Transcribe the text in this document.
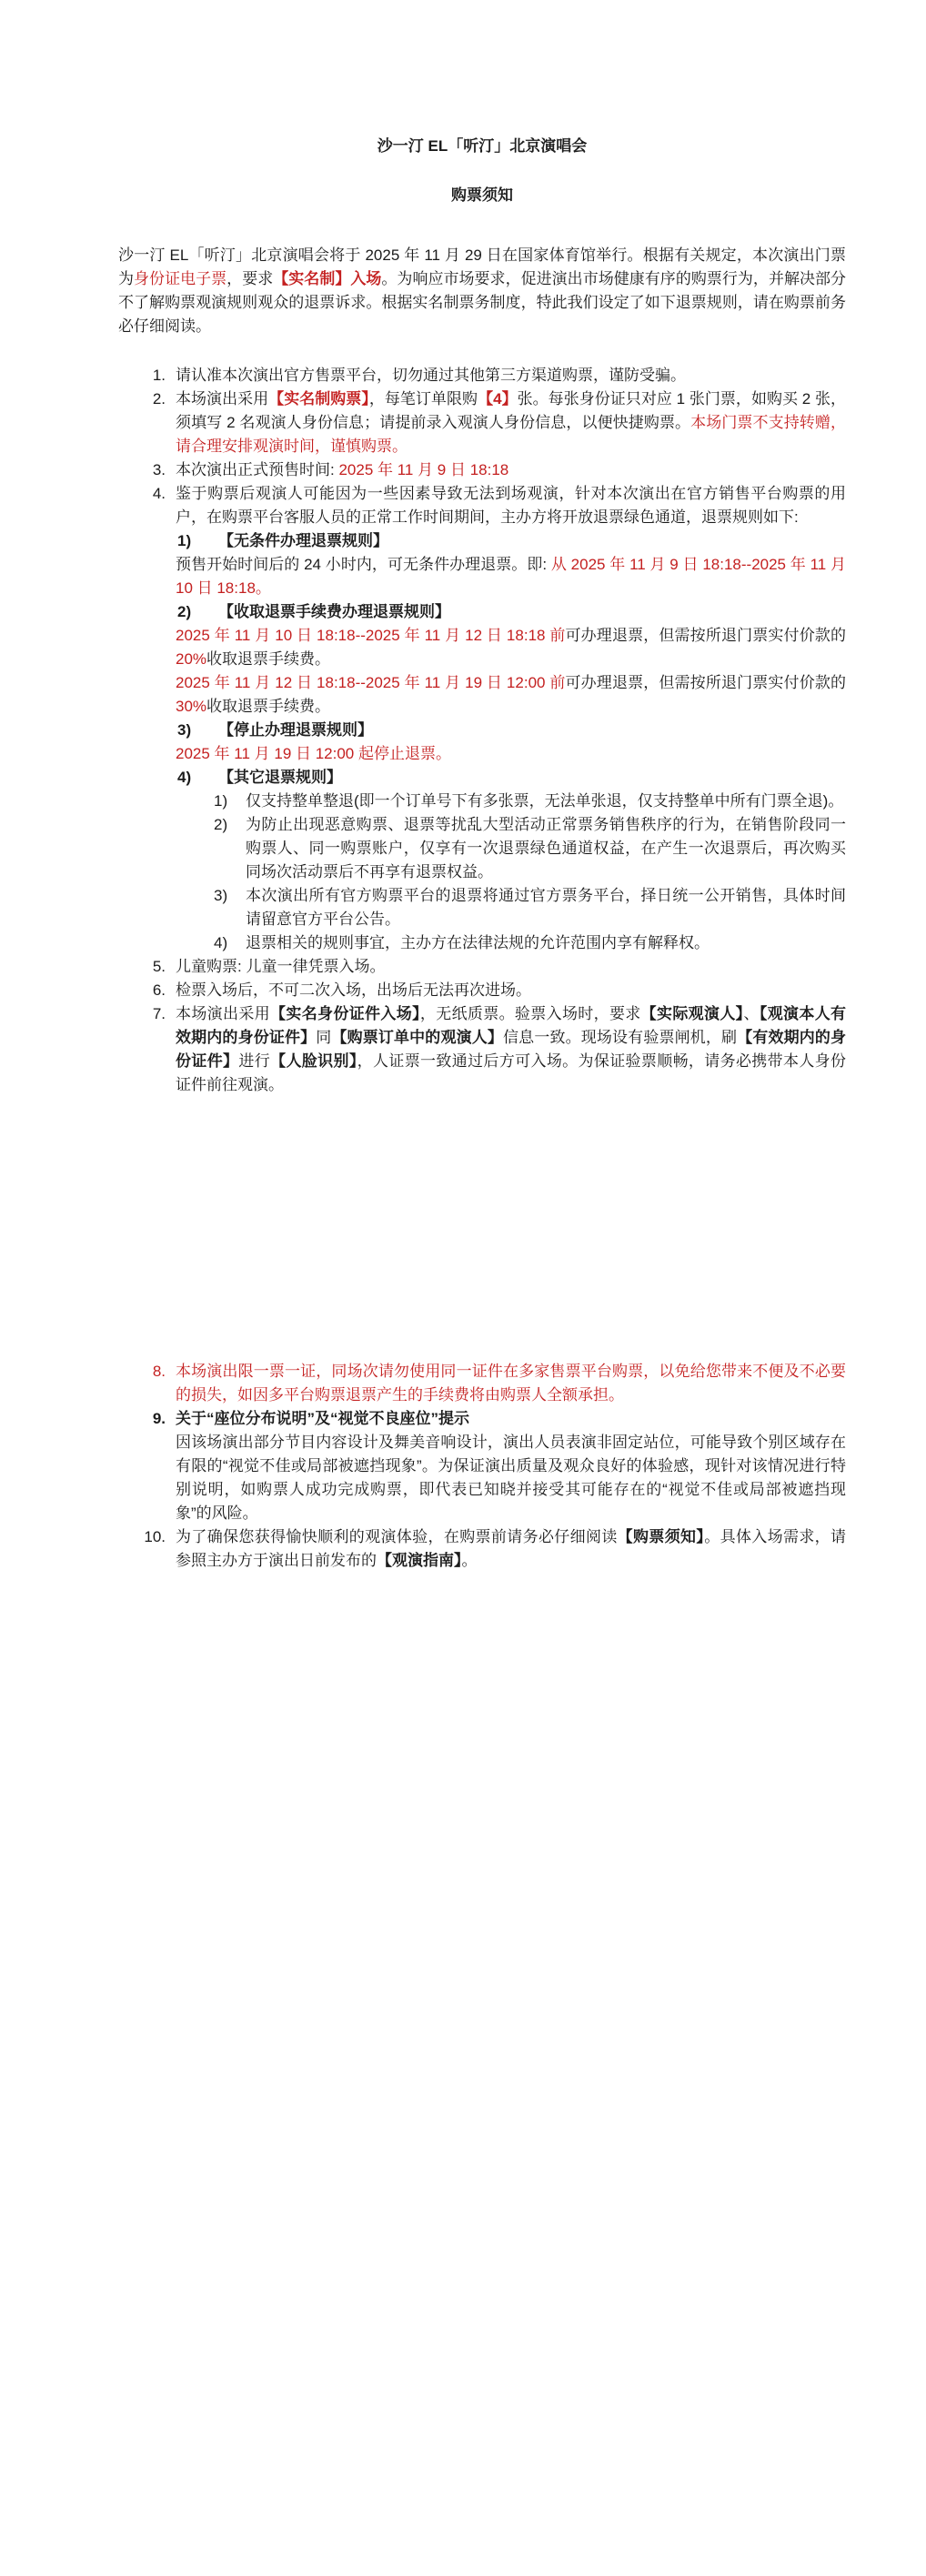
沙一汀 EL「听汀」北京演唱会
购票须知

沙一汀 EL「听汀」北京演唱会将于 2025 年 11 月 29 日在国家体育馆举行。根据有关规定，本次演出门票为身份证电子票，要求【实名制】入场。为响应市场要求，促进演出市场健康有序的购票行为，并解决部分不了解购票观演规则观众的退票诉求。根据实名制票务制度，特此我们设定了如下退票规则，请在购票前务必仔细阅读。

1. 请认准本次演出官方售票平台，切勿通过其他第三方渠道购票，谨防受骗。
2. 本场演出采用【实名制购票】，每笔订单限购【4】张。每张身份证只对应 1 张门票，如购买 2 张，须填写 2 名观演人身份信息；请提前录入观演人身份信息，以便快捷购票。本场门票不支持转赠，请合理安排观演时间，谨慎购票。
3. 本次演出正式预售时间: 2025 年 11 月 9 日 18:18
4. 鉴于购票后观演人可能因为一些因素导致无法到场观演，针对本次演出在官方销售平台购票的用户，在购票平台客服人员的正常工作时间期间，主办方将开放退票绿色通道，退票规则如下:
1) 【无条件办理退票规则】
预售开始时间后的 24 小时内，可无条件办理退票。即: 从 2025 年 11 月 9 日 18:18--2025 年 11 月 10 日 18:18。
2) 【收取退票手续费办理退票规则】
2025 年 11 月 10 日 18:18--2025 年 11 月 12 日 18:18 前可办理退票，但需按所退门票实付价款的 20%收取退票手续费。
2025 年 11 月 12 日 18:18--2025 年 11 月 19 日 12:00 前可办理退票，但需按所退门票实付价款的 30%收取退票手续费。
3) 【停止办理退票规则】
2025 年 11 月 19 日 12:00 起停止退票。
4) 【其它退票规则】
1) 仅支持整单整退(即一个订单号下有多张票，无法单张退，仅支持整单中所有门票全退)。
2) 为防止出现恶意购票、退票等扰乱大型活动正常票务销售秩序的行为，在销售阶段同一购票人、同一购票账户，仅享有一次退票绿色通道权益，在产生一次退票后，再次购买同场次活动票后不再享有退票权益。
3) 本次演出所有官方购票平台的退票将通过官方票务平台，择日统一公开销售，具体时间请留意官方平台公告。
4) 退票相关的规则事宜，主办方在法律法规的允许范围内享有解释权。
5. 儿童购票: 儿童一律凭票入场。
6. 检票入场后，不可二次入场，出场后无法再次进场。
7. 本场演出采用【实名身份证件入场】，无纸质票。验票入场时，要求【实际观演人】、【观演本人有效期内的身份证件】同【购票订单中的观演人】信息一致。现场设有验票闸机，刷【有效期内的身份证件】进行【人脸识别】，人证票一致通过后方可入场。为保证验票顺畅，请务必携带本人身份证件前往观演。
8. 本场演出限一票一证，同场次请勿使用同一证件在多家售票平台购票，以免给您带来不便及不必要的损失，如因多平台购票退票产生的手续费将由购票人全额承担。
9. 关于“座位分布说明”及“视觉不良座位”提示
因该场演出部分节目内容设计及舞美音响设计，演出人员表演非固定站位，可能导致个别区域存在有限的“视觉不佳或局部被遮挡现象”。为保证演出质量及观众良好的体验感，现针对该情况进行特别说明，如购票人成功完成购票，即代表已知晓并接受其可能存在的“视觉不佳或局部被遮挡现象”的风险。
10. 为了确保您获得愉快顺利的观演体验，在购票前请务必仔细阅读【购票须知】。具体入场需求，请参照主办方于演出日前发布的【观演指南】。
